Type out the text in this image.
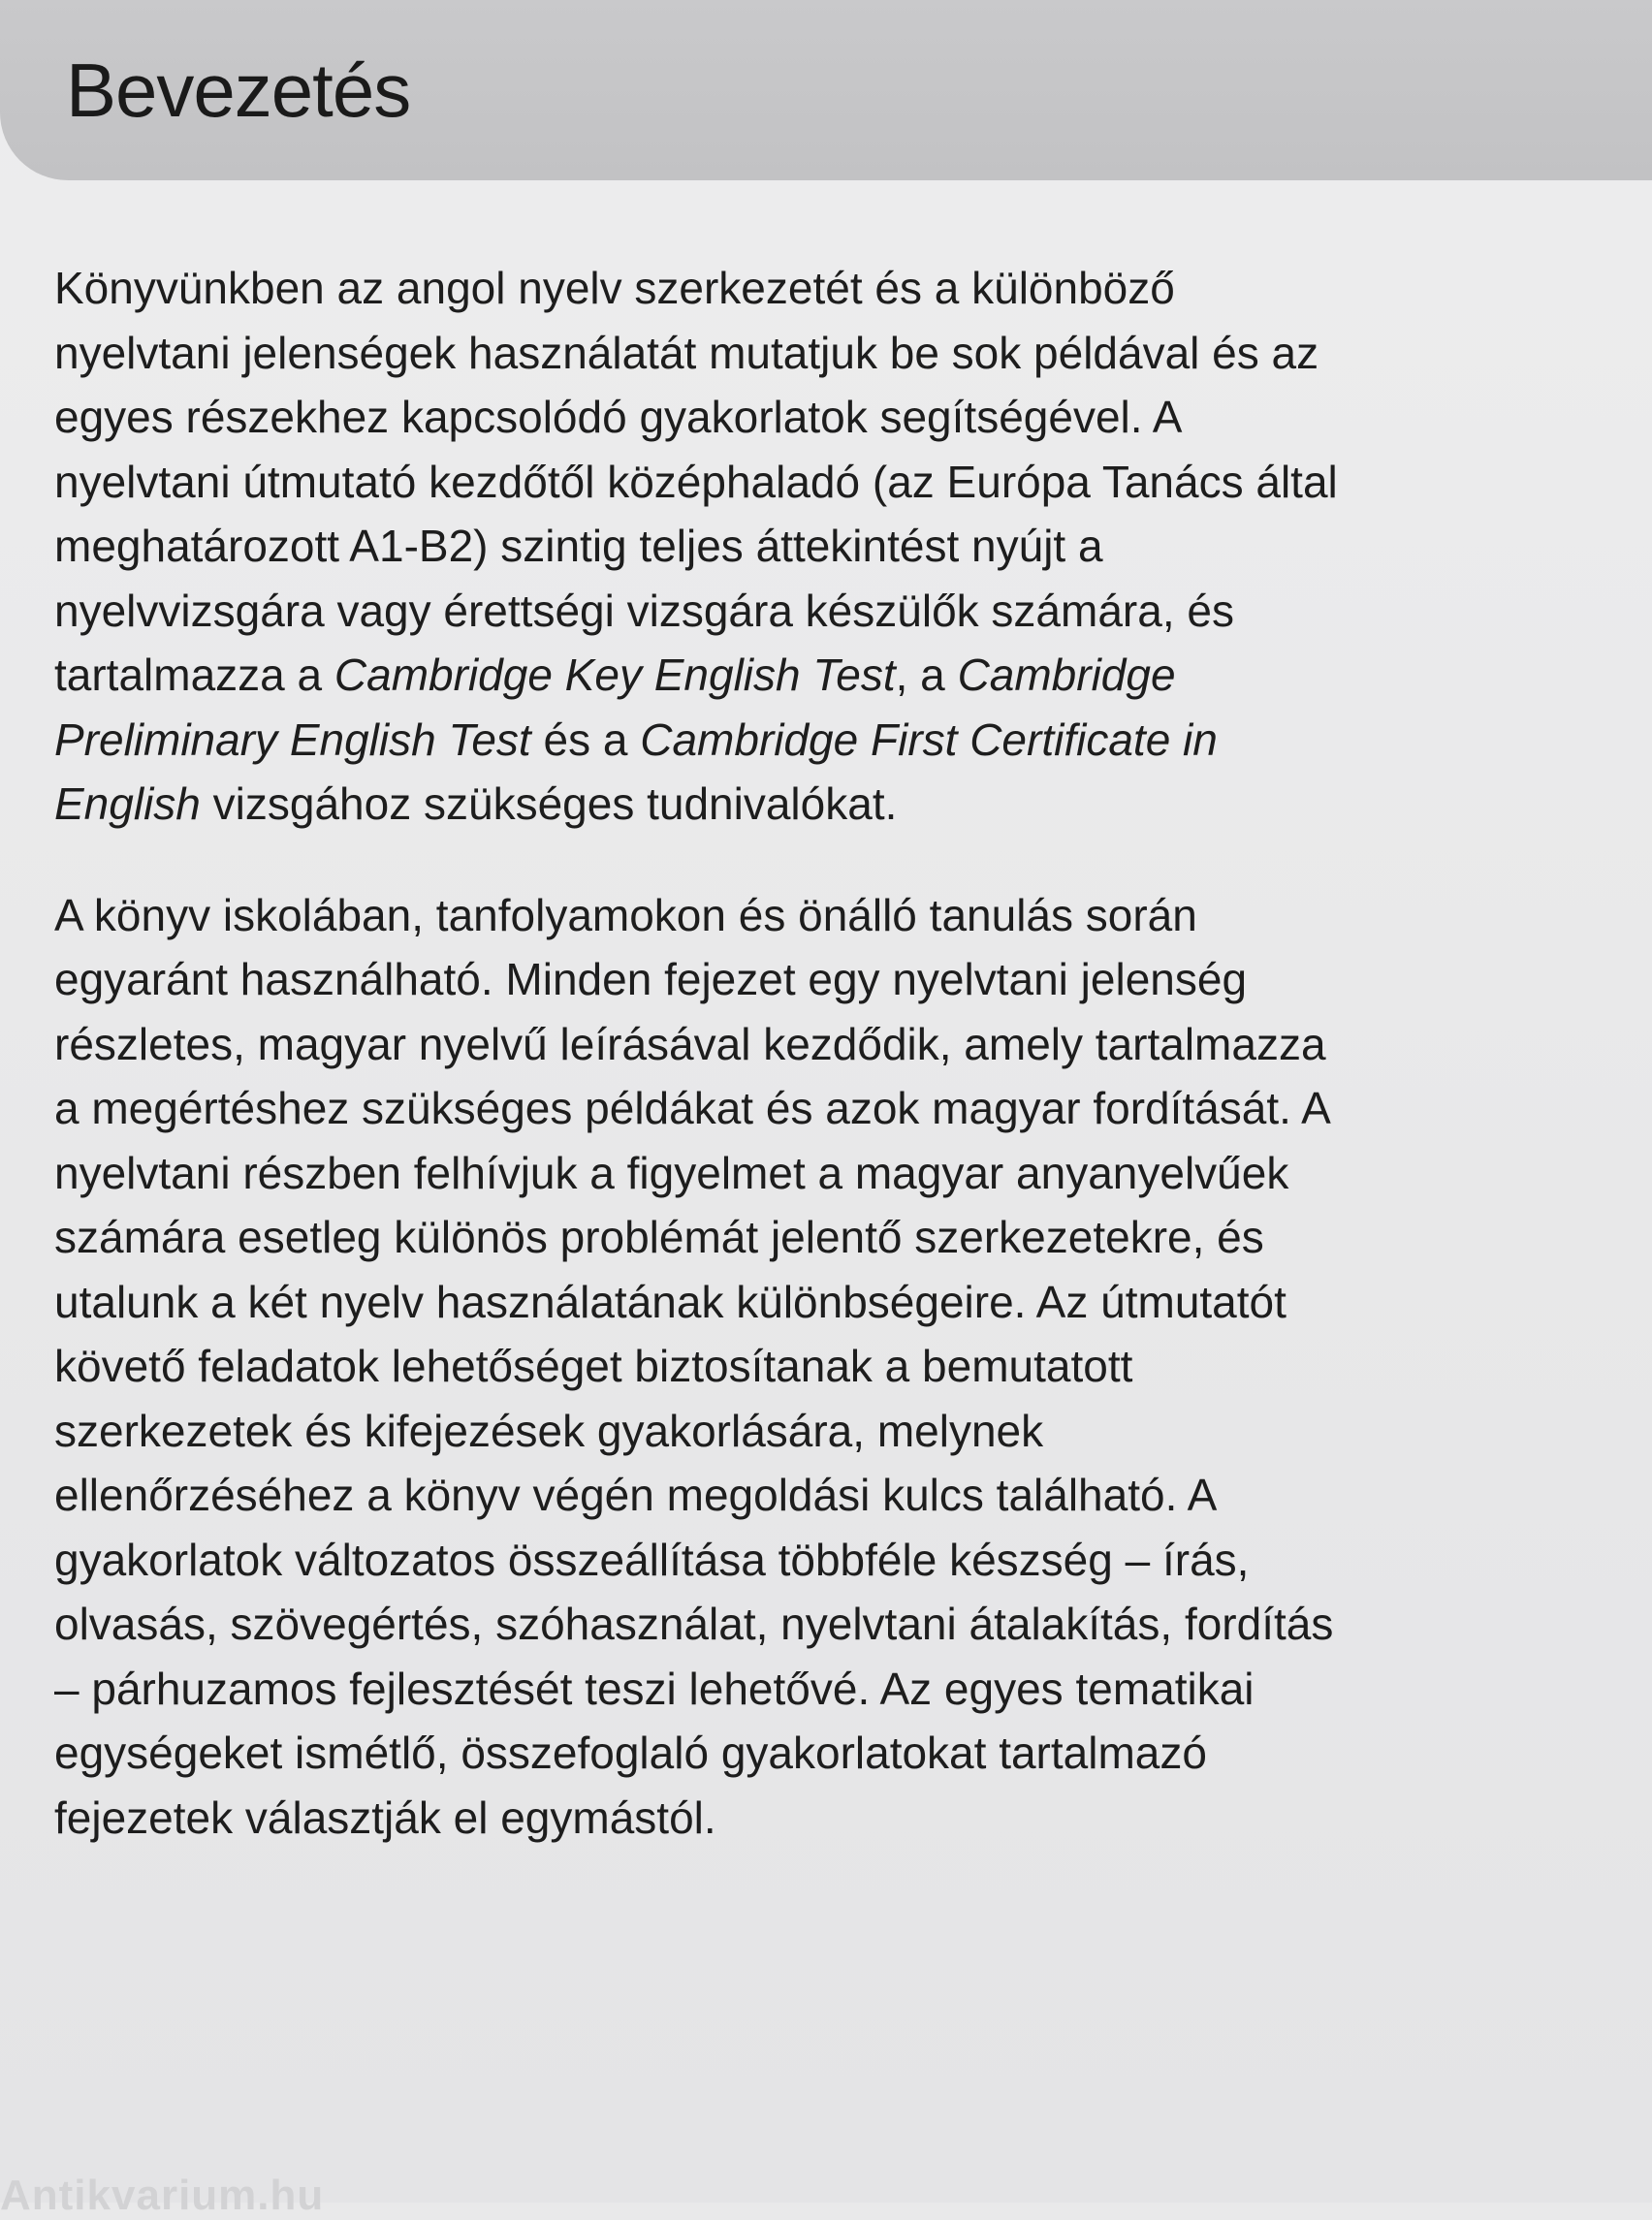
Bevezetés

Könyvünkben az angol nyelv szerkezetét és a különböző
nyelvtani jelenségek használatát mutatjuk be sok példával és az
egyes részekhez kapcsolódó gyakorlatok segítségével. A
nyelvtani útmutató kezdőtől középhaladó (az Európa Tanács által
meghatározott A1-B2) szintig teljes áttekintést nyújt a
nyelvvizsgára vagy érettségi vizsgára készülők számára, és
tartalmazza a Cambridge Key English Test, a Cambridge
Preliminary English Test és a Cambridge First Certificate in
English vizsgához szükséges tudnivalókat.

A könyv iskolában, tanfolyamokon és önálló tanulás során
egyaránt használható. Minden fejezet egy nyelvtani jelenség
részletes, magyar nyelvű leírásával kezdődik, amely tartalmazza
a megértéshez szükséges példákat és azok magyar fordítását. A
nyelvtani részben felhívjuk a figyelmet a magyar anyanyelvűek
számára esetleg különös problémát jelentő szerkezetekre, és
utalunk a két nyelv használatának különbségeire. Az útmutatót
követő feladatok lehetőséget biztosítanak a bemutatott
szerkezetek és kifejezések gyakorlására, melynek
ellenőrzéséhez a könyv végén megoldási kulcs található. A
gyakorlatok változatos összeállítása többféle készség – írás,
olvasás, szövegértés, szóhasználat, nyelvtani átalakítás, fordítás
– párhuzamos fejlesztését teszi lehetővé. Az egyes tematikai
egységeket ismétlő, összefoglaló gyakorlatokat tartalmazó
fejezetek választják el egymástól.

Antikvarium.hu
